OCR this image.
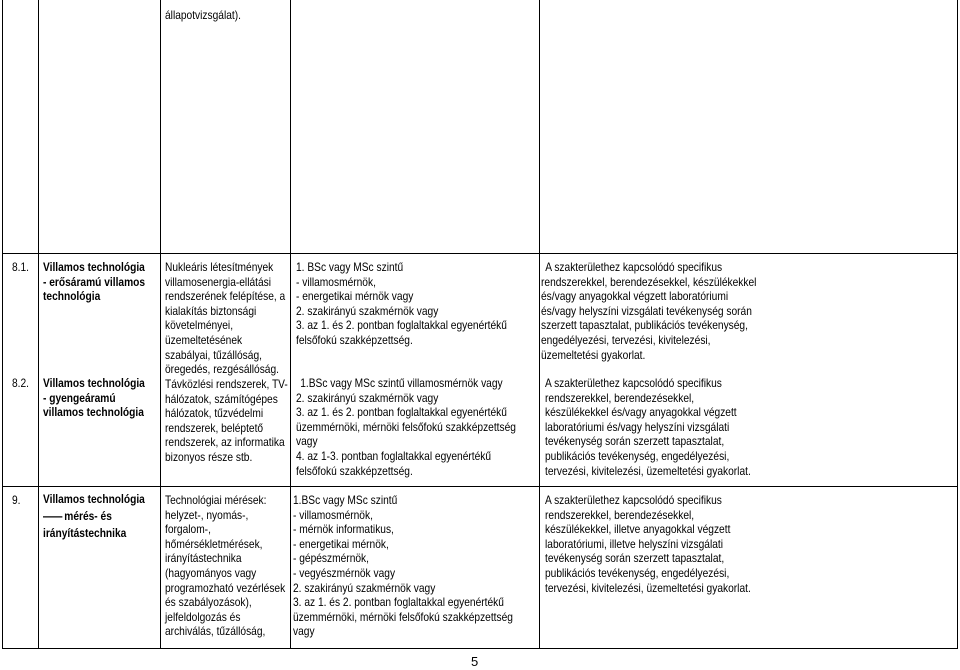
állapotvizsgálat).
8.1. Villamos technológia
- erősáramú villamos
technológia
Nukleáris létesítmények
villamosenergia-ellátási
rendszerének felépítése, a
kialakítás biztonsági
követelményei,
üzemeltetésének
szabályai, tűzállóság,
öregedés, rezgésállóság.
1. BSc vagy MSc szintű
- villamosmérnök,
- energetikai mérnök vagy
2. szakirányú szakmérnök vagy
3. az 1. és 2. pontban foglaltakkal egyenértékű
felsőfokú szakképzettség.
A szakterülethez kapcsolódó specifikus
rendszerekkel, berendezésekkel, készülékekkel
és/vagy anyagokkal végzett laboratóriumi
és/vagy helyszíni vizsgálati tevékenység során
szerzett tapasztalat, publikációs tevékenység,
engedélyezési, tervezési, kivitelezési,
üzemeltetési gyakorlat.
8.2. Villamos technológia
- gyengeáramú
villamos technológia
Távközlési rendszerek, TV-
hálózatok, számítógépes
hálózatok, tűzvédelmi
rendszerek, beléptető
rendszerek, az informatika
bizonyos része stb.
1.BSc vagy MSc szintű villamosmérnök vagy
2. szakirányú szakmérnök vagy
3. az 1. és 2. pontban foglaltakkal egyenértékű
üzemmérnöki, mérnöki felsőfokú szakképzettség
vagy
4. az 1-3. pontban foglaltakkal egyenértékű
felsőfokú szakképzettség.
A szakterülethez kapcsolódó specifikus
rendszerekkel, berendezésekkel,
készülékekkel és/vagy anyagokkal végzett
laboratóriumi és/vagy helyszíni vizsgálati
tevékenység során szerzett tapasztalat,
publikációs tevékenység, engedélyezési,
tervezési, kivitelezési, üzemeltetési gyakorlat.
9. Villamos technológia
— mérés- és
irányítástechnika
Technológiai mérések:
helyzet-, nyomás-,
forgalom-,
hőmérsékletmérések,
irányítástechnika
(hagyományos vagy
programozható vezérlések
és szabályozások),
jelfeldolgozás és
archiválás, tűzállóság,
1.BSc vagy MSc szintű
- villamosmérnök,
- mérnök informatikus,
- energetikai mérnök,
- gépészmérnök,
- vegyészmérnök vagy
2. szakirányú szakmérnök vagy
3. az 1. és 2. pontban foglaltakkal egyenértékű
üzemmérnöki, mérnöki felsőfokú szakképzettség
vagy
A szakterülethez kapcsolódó specifikus
rendszerekkel, berendezésekkel,
készülékekkel, illetve anyagokkal végzett
laboratóriumi, illetve helyszíni vizsgálati
tevékenység során szerzett tapasztalat,
publikációs tevékenység, engedélyezési,
tervezési, kivitelezési, üzemeltetési gyakorlat.
5
